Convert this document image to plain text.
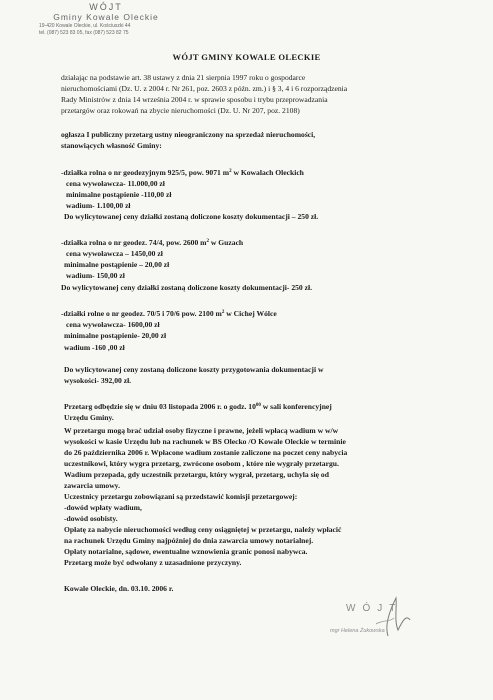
WÓJT
Gminy Kowale Oleckie
19-420 Kowale Oleckie, ul. Kościuszki 44
tel. (087) 523 83 05, fax (087) 523 82 75
WÓJT GMINY KOWALE OLECKIE
działając na podstawie art. 38 ustawy z dnia 21 sierpnia 1997 roku o gospodarce
nieruchomościami (Dz. U. z 2004 r. Nr 261, poz. 2603 z późn. zm.) i § 3, 4 i 6 rozporządzenia
Rady Ministrów z dnia 14 września 2004 r. w sprawie sposobu i trybu przeprowadzania
przetargów oraz rokowań na zbycie nieruchomości (Dz. U. Nr 207, poz. 2108)
ogłasza I publiczny przetarg ustny nieograniczony na sprzedaż nieruchomości,
stanowiących własność Gminy:
-działka rolna o nr geodezyjnym 925/5, pow. 9071 $m^2$ w Kowalach Oleckich
cena wywoławcza- 11.000,00 zł
minimalne postąpienie -110,00 zł
wadium- 1.100,00 zł
Do wylicytowanej ceny działki zostaną doliczone koszty dokumentacji – 250 zł.
-działka rolna o nr geodez. 74/4, pow. 2600 $m^2$ w Guzach
cena wywoławcza – 1450,00 zł
minimalne postąpienie – 20,00 zł
wadium- 150,00 zł
Do wylicytowanej ceny działki zostaną doliczone koszty dokumentacji- 250 zł.
-działki rolne o nr geodez. 70/5 i 70/6 pow. 2100 $m^2$ w Cichej Wólce
cena wywoławcza- 1600,00 zł
minimalne postąpienie- 20,00 zł
wadium -160 ,00 zł
Do wylicytowanej ceny zostaną doliczone koszty przygotowania dokumentacji w
wysokości- 392,00 zł.
Przetarg odbędzie się w dniu 03 listopada 2006 r. o godz. $10^{00}$ w sali konferencyjnej
Urzędu Gminy.
W przetargu mogą brać udział osoby fizyczne i prawne, jeżeli wpłacą wadium w w/w
wysokości w kasie Urzędu lub na rachunek w BS Olecko /O Kowale Oleckie w terminie
do 26 października 2006 r. Wpłacone wadium zostanie zaliczone na poczet ceny nabycia
uczestnikowi, który wygra przetarg, zwrócone osobom , które nie wygrały przetargu.
Wadium przepada, gdy uczestnik przetargu, który wygrał, przetarg, uchyla się od
zawarcia umowy.
Uczestnicy przetargu zobowiązani są przedstawić komisji przetargowej:
-dowód wpłaty wadium,
-dowód osobisty.
Opłatę za nabycie nieruchomości według ceny osiągniętej w przetargu, należy wpłacić
na rachunek Urzędu Gminy najpóźniej do dnia zawarcia umowy notarialnej.
Opłaty notarialne, sądowe, ewentualne wznowienia granic ponosi nabywca.
Przetarg może być odwołany z uzasadnione przyczyny.
Kowale Oleckie, dn. 03.10. 2006 r.
WÓJT
mgr Helena Żukowska
